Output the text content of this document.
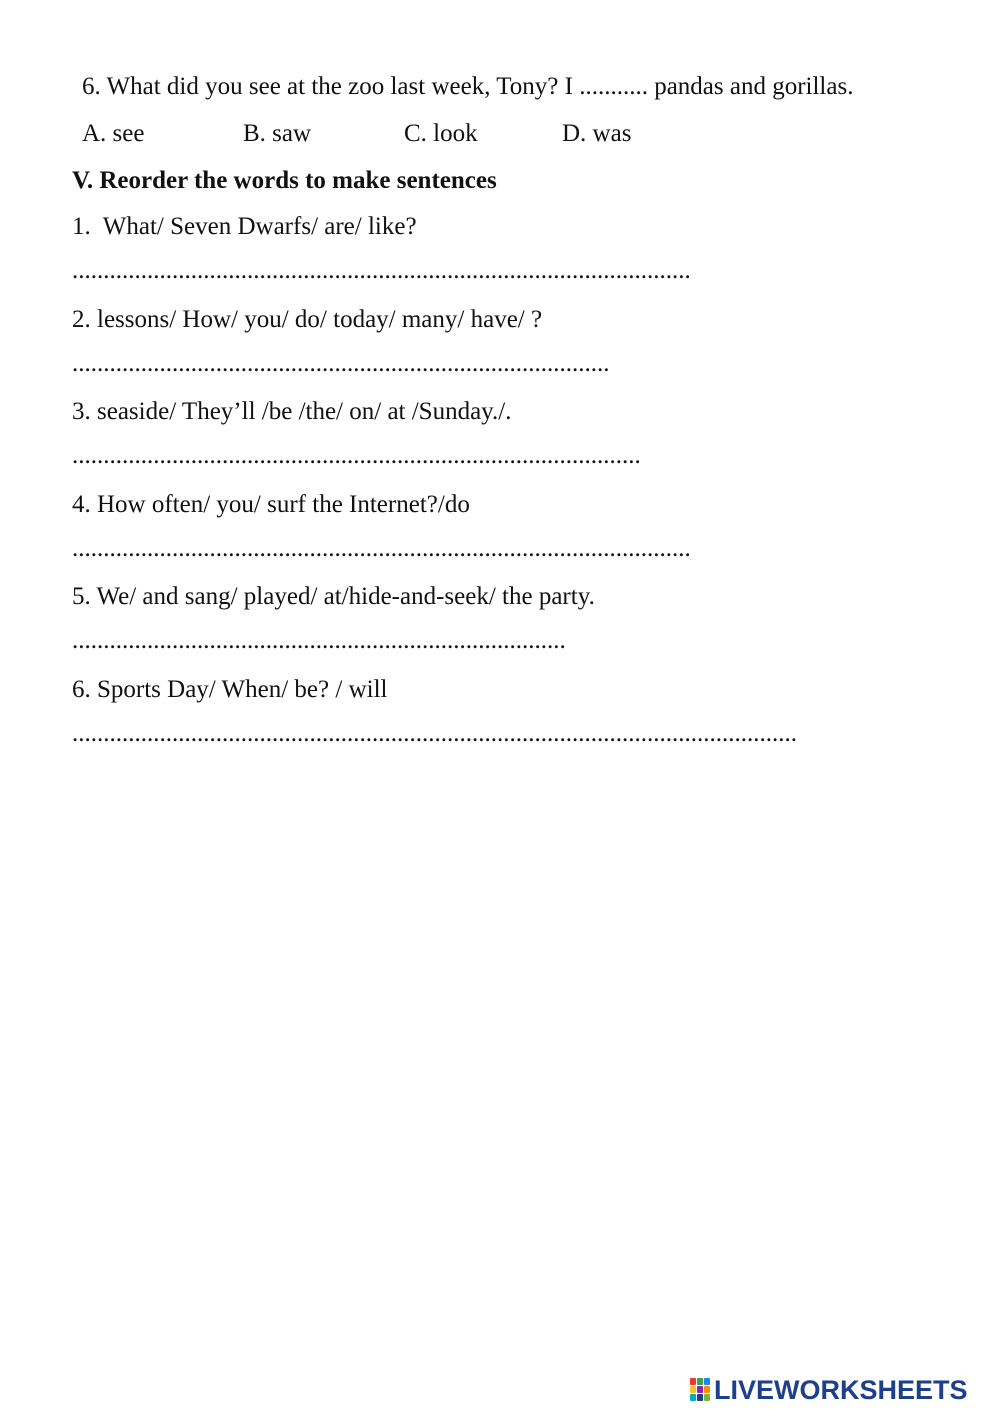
6. What did you see at the zoo last week, Tony? I ........... pandas and gorillas.
A. see	B. saw	C. look	D. was
V. Reorder the words to make sentences
1.  What/ Seven Dwarfs/ are/ like?
...................................................................................................
2. lessons/ How/ you/ do/ today/ many/ have/ ?
......................................................................................
3. seaside/ They’ll /be /the/ on/ at /Sunday./.
...........................................................................................
4. How often/ you/ surf the Internet?/do
...................................................................................................
5. We/ and sang/ played/ at/hide-and-seek/ the party.
...............................................................................
6. Sports Day/ When/ be? / will
....................................................................................................................
LIVEWORKSHEETS
